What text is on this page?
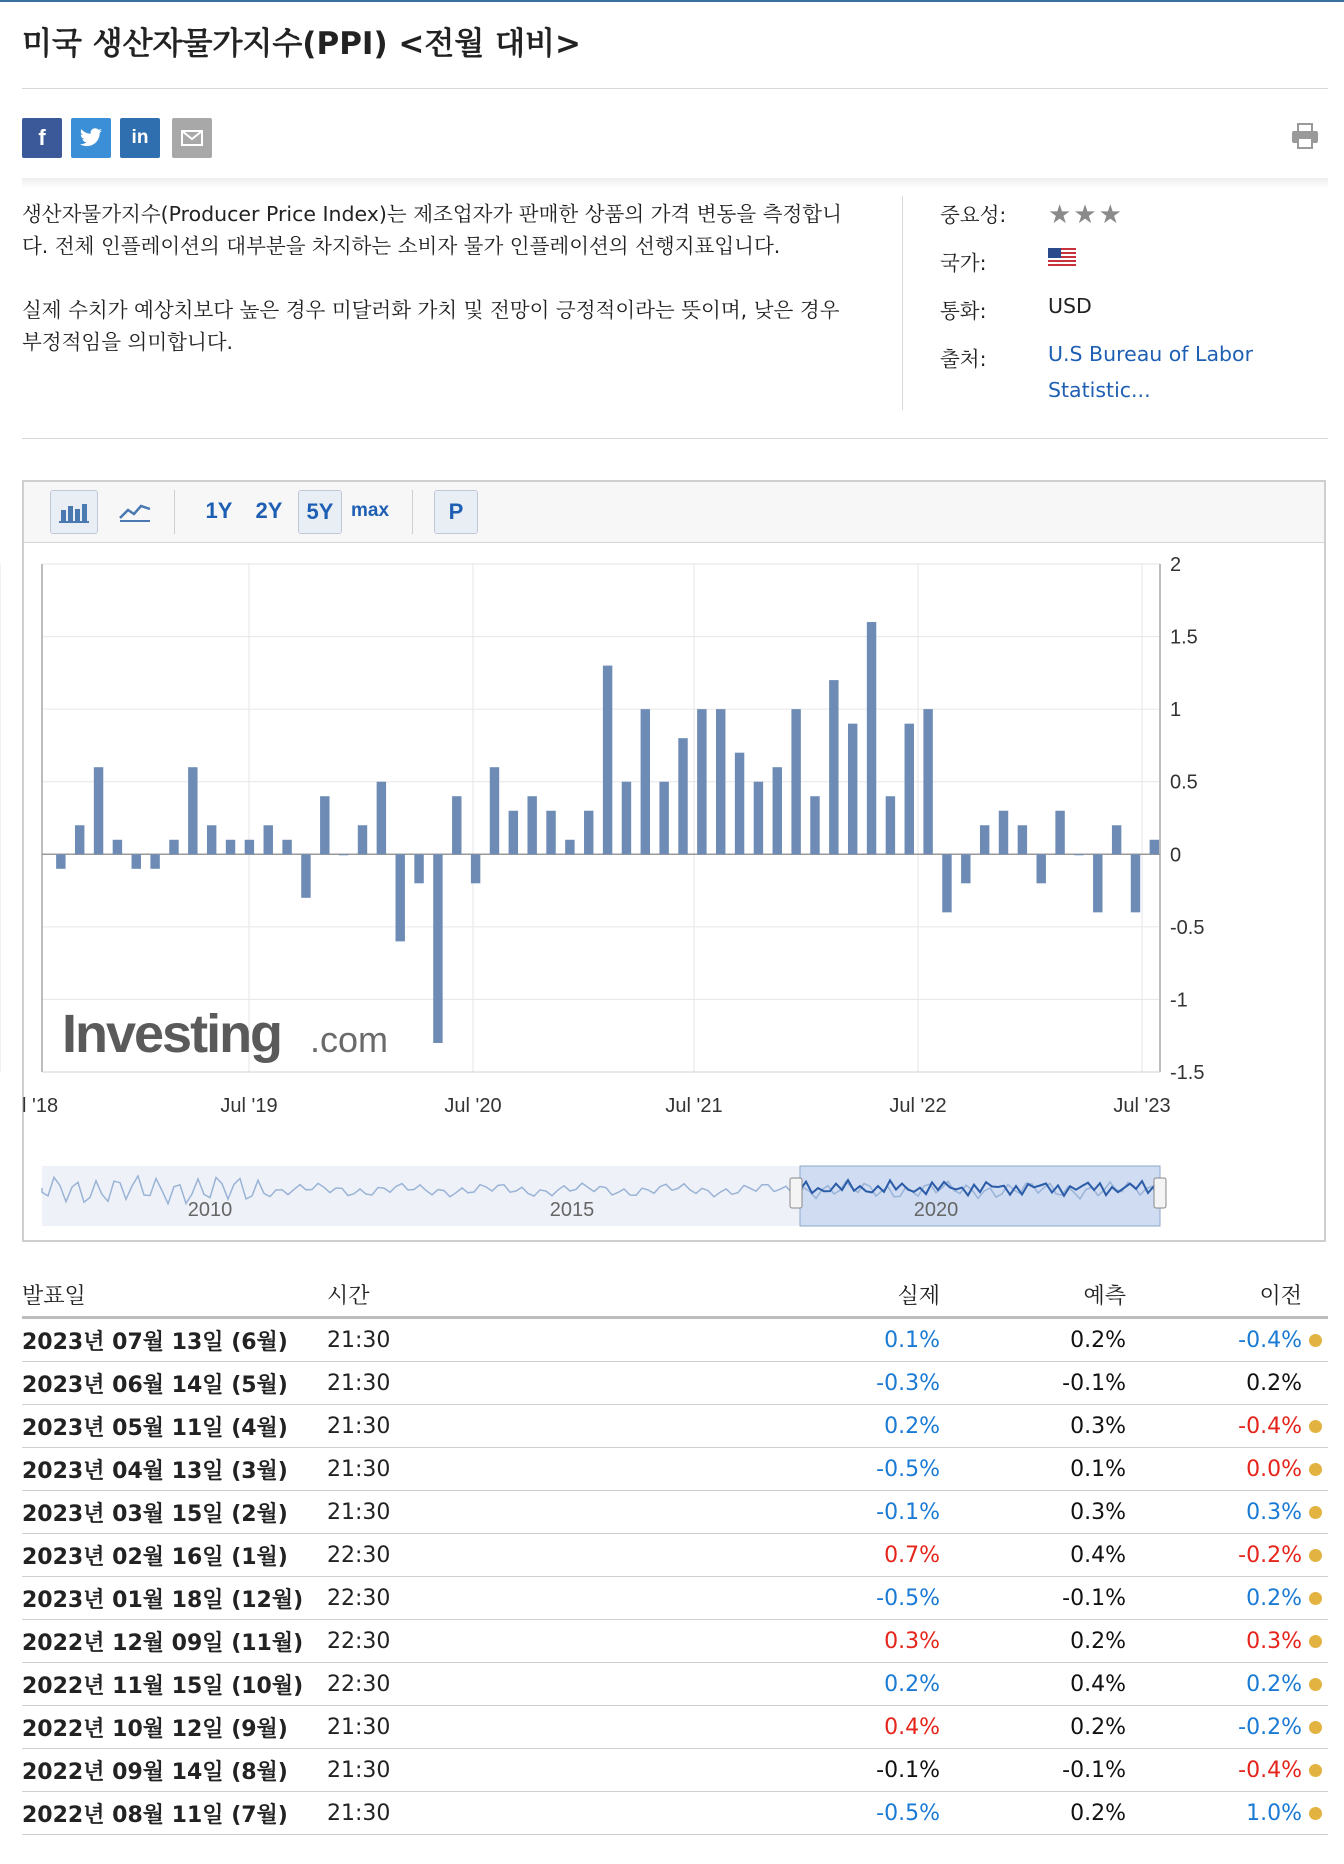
미국 생산자물가지수(PPI) <전월 대비>
f	in

생산자물가지수(Producer Price Index)는 제조업자가 판매한 상품의 가격 변동을 측정합니다. 전체 인플레이션의 대부분을 차지하는 소비자 물가 인플레이션의 선행지표입니다.

실제 수치가 예상치보다 높은 경우 미달러화 가치 및 전망이 긍정적이라는 뜻이며, 낮은 경우 부정적임을 의미합니다.

중요성: ★★★
국가:
통화:	USD
출처:	U.S Bureau of Labor Statistic...
1Y 2Y	5Y max	P
2
1.5
1
0.5
0
-0.5
-1
-1.5
l '18	Jul '19	Jul '20	Jul '21	Jul '22	Jul '23
Investing .com
2010	2015	2020
발표일	시간	실제	예측	이전	
2023년 07월 13일 (6월)	21:30	0.1%	0.2%	-0.4%	
2023년 06월 14일 (5월)	21:30	-0.3%	-0.1%	0.2%	
2023년 05월 11일 (4월)	21:30	0.2%	0.3%	-0.4%	
2023년 04월 13일 (3월)	21:30	-0.5%	0.1%	0.0%	
2023년 03월 15일 (2월)	21:30	-0.1%	0.3%	0.3%	
2023년 02월 16일 (1월)	22:30	0.7%	0.4%	-0.2%	
2023년 01월 18일 (12월)	22:30	-0.5%	-0.1%	0.2%	
2022년 12월 09일 (11월)	22:30	0.3%	0.2%	0.3%	
2022년 11월 15일 (10월)	22:30	0.2%	0.4%	0.2%	
2022년 10월 12일 (9월)	21:30	0.4%	0.2%	-0.2%	
2022년 09월 14일 (8월)	21:30	-0.1%	-0.1%	-0.4%	
2022년 08월 11일 (7월)	21:30	-0.5%	0.2%	1.0%	
